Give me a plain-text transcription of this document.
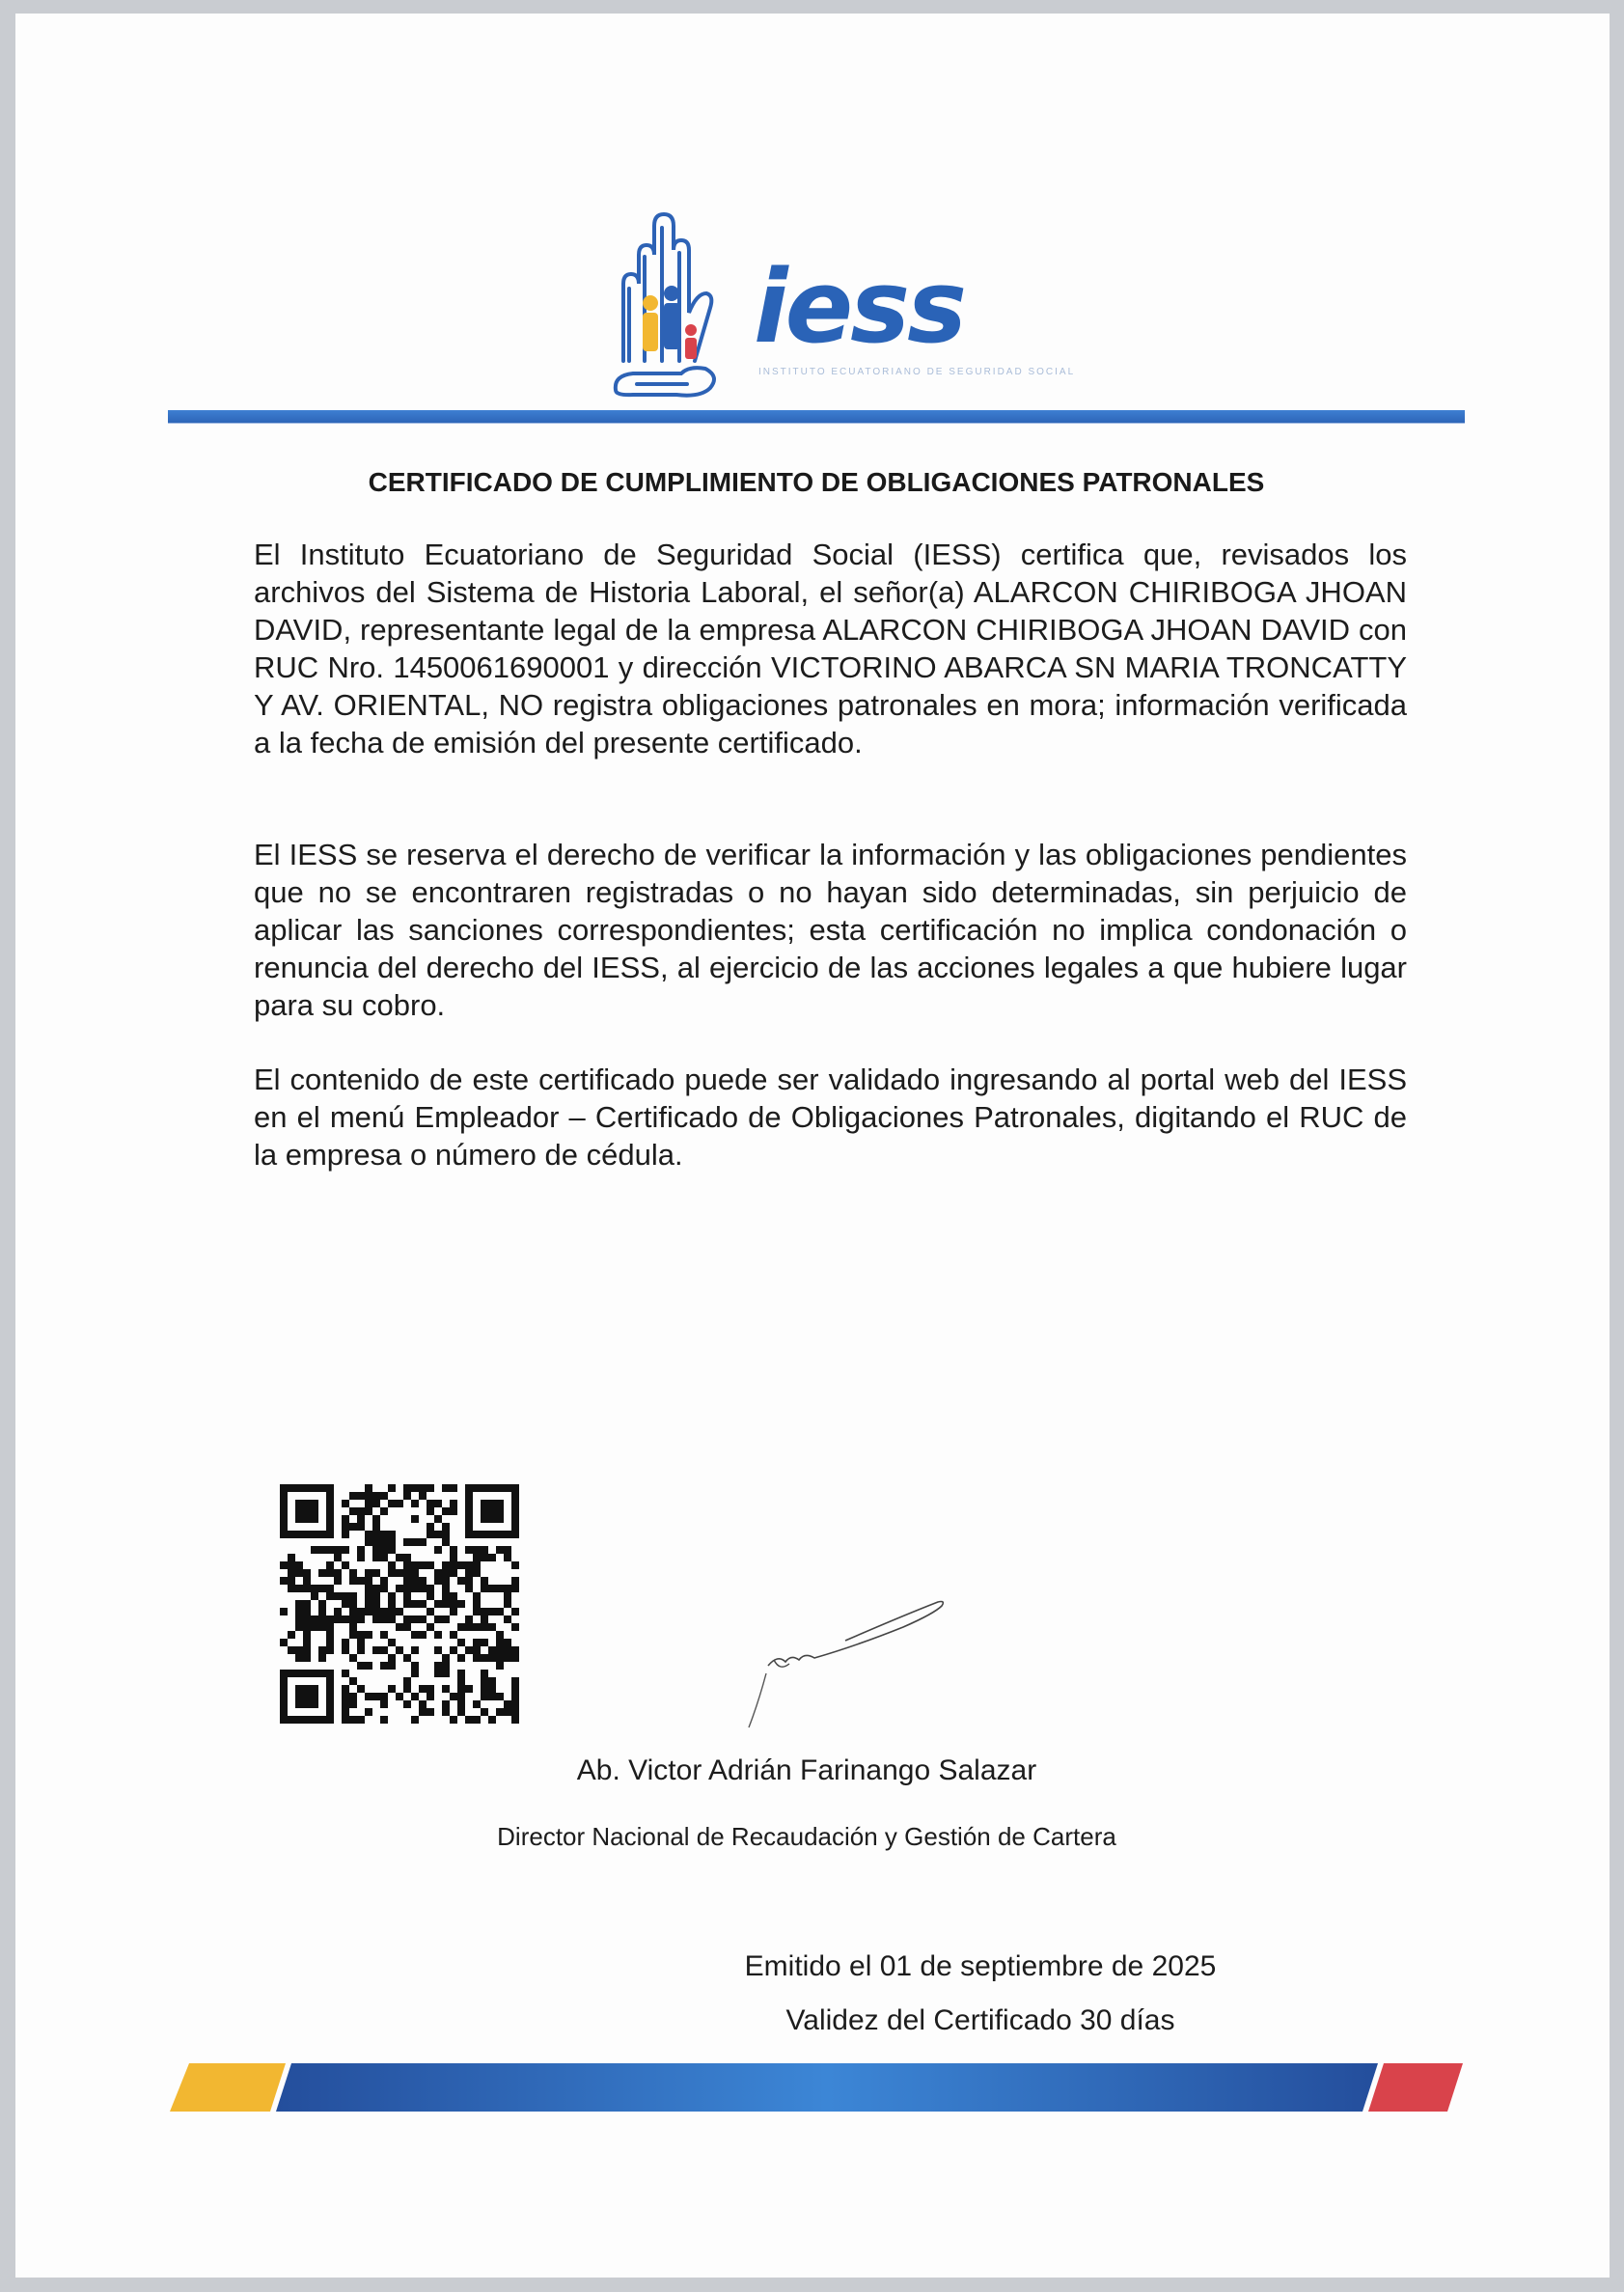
iess
INSTITUTO ECUATORIANO DE SEGURIDAD SOCIAL
CERTIFICADO DE CUMPLIMIENTO DE OBLIGACIONES PATRONALES

El Instituto Ecuatoriano de Seguridad Social (IESS) certifica que, revisados los archivos del Sistema de Historia Laboral, el señor(a) ALARCON CHIRIBOGA JHOAN DAVID, representante legal de la empresa ALARCON CHIRIBOGA JHOAN DAVID con RUC Nro. 1450061690001 y dirección VICTORINO ABARCA SN MARIA TRONCATTY Y AV. ORIENTAL, NO registra obligaciones patronales en mora; información verificada a la fecha de emisión del presente certificado.

El IESS se reserva el derecho de verificar la información y las obligaciones pendientes que no se encontraren registradas o no hayan sido determinadas, sin perjuicio de aplicar las sanciones correspondientes; esta certificación no implica condonación o renuncia del derecho del IESS, al ejercicio de las acciones legales a que hubiere lugar para su cobro.

El contenido de este certificado puede ser validado ingresando al portal web del IESS en el menú Empleador – Certificado de Obligaciones Patronales, digitando el RUC de la empresa o número de cédula.

Ab. Victor Adrián Farinango Salazar
Director Nacional de Recaudación y Gestión de Cartera
Emitido el 01 de septiembre de 2025
Validez del Certificado 30 días
